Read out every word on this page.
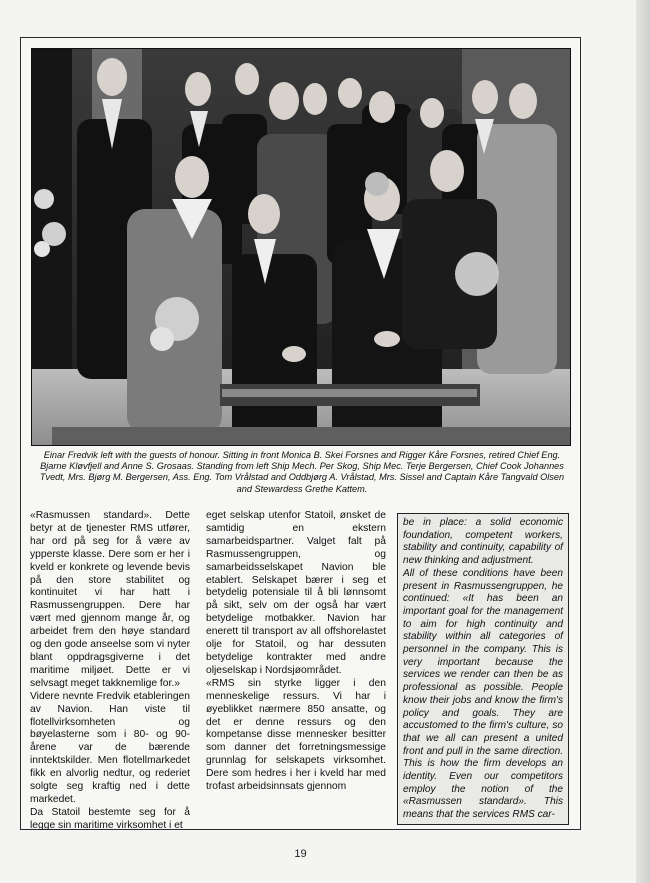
Einar Fredvik left with the guests of honour. Sitting in front Monica B. Skei Forsnes and Rigger Kåre Forsnes, retired Chief Eng. Bjarne Kløvfjell and Anne S. Grosaas. Standing from left Ship Mech. Per Skog, Ship Mec. Terje Bergersen, Chief Cook Johannes Tvedt, Mrs. Bjørg M. Bergersen, Ass. Eng. Tom Vrålstad and Oddbjørg A. Vrålstad, Mrs. Sissel and Captain Kåre Tangvald Olsen and Stewardess Grethe Kattem.

«Rasmussen standard». Dette betyr at de tjenester RMS utfører, har ord på seg for å være av ypperste klasse. Dere som er her i kveld er konkrete og levende bevis på den store stabilitet og kontinuitet vi har hatt i Rasmussengruppen. Dere har vært med gjennom mange år, og arbeidet frem den høye standard og den gode anseelse som vi nyter blant oppdragsgiverne i det maritime miljøet. Dette er vi selvsagt meget takknemlige for.»

Videre nevnte Fredvik etableringen av Navion. Han viste til flotellvirksomheten og bøyelasterne som i 80- og 90-årene var de bærende inntektskilder. Men flotellmarkedet fikk en alvorlig nedtur, og rederiet solgte seg kraftig ned i dette markedet.

Da Statoil bestemte seg for å legge sin maritime virksomhet i et

eget selskap utenfor Statoil, ønsket de samtidig en ekstern samarbeidspartner. Valget falt på Rasmussengruppen, og samarbeidsselskapet Navion ble etablert. Selskapet bærer i seg et betydelig potensiale til å bli lønnsomt på sikt, selv om der også har vært betydelige motbakker. Navion har enerett til transport av all offshorelastet olje for Statoil, og har dessuten betydelige kontrakter med andre oljeselskap i Nordsjøområdet.

«RMS sin styrke ligger i den menneskelige ressurs. Vi har i øyeblikket nærmere 850 ansatte, og det er denne ressurs og den kompetanse disse mennesker besitter som danner det forretningsmessige grunnlag for selskapets virksomhet. Dere som hedres i her i kveld har med trofast arbeidsinnsats gjennom

be in place: a solid economic foundation, competent workers, stability and continuity, capability of new thinking and adjustment.

All of these conditions have been present in Rasmussengruppen, he continued: «It has been an important goal for the management to aim for high continuity and stability within all categories of personnel in the company. This is very important because the services we render can then be as professional as possible. People know their jobs and know the firm's policy and goals. They are accustomed to the firm's culture, so that we all can present a united front and pull in the same direction. This is how the firm develops an identity. Even our competitors employ the notion of the «Rasmussen standard». This means that the services RMS car-

19
